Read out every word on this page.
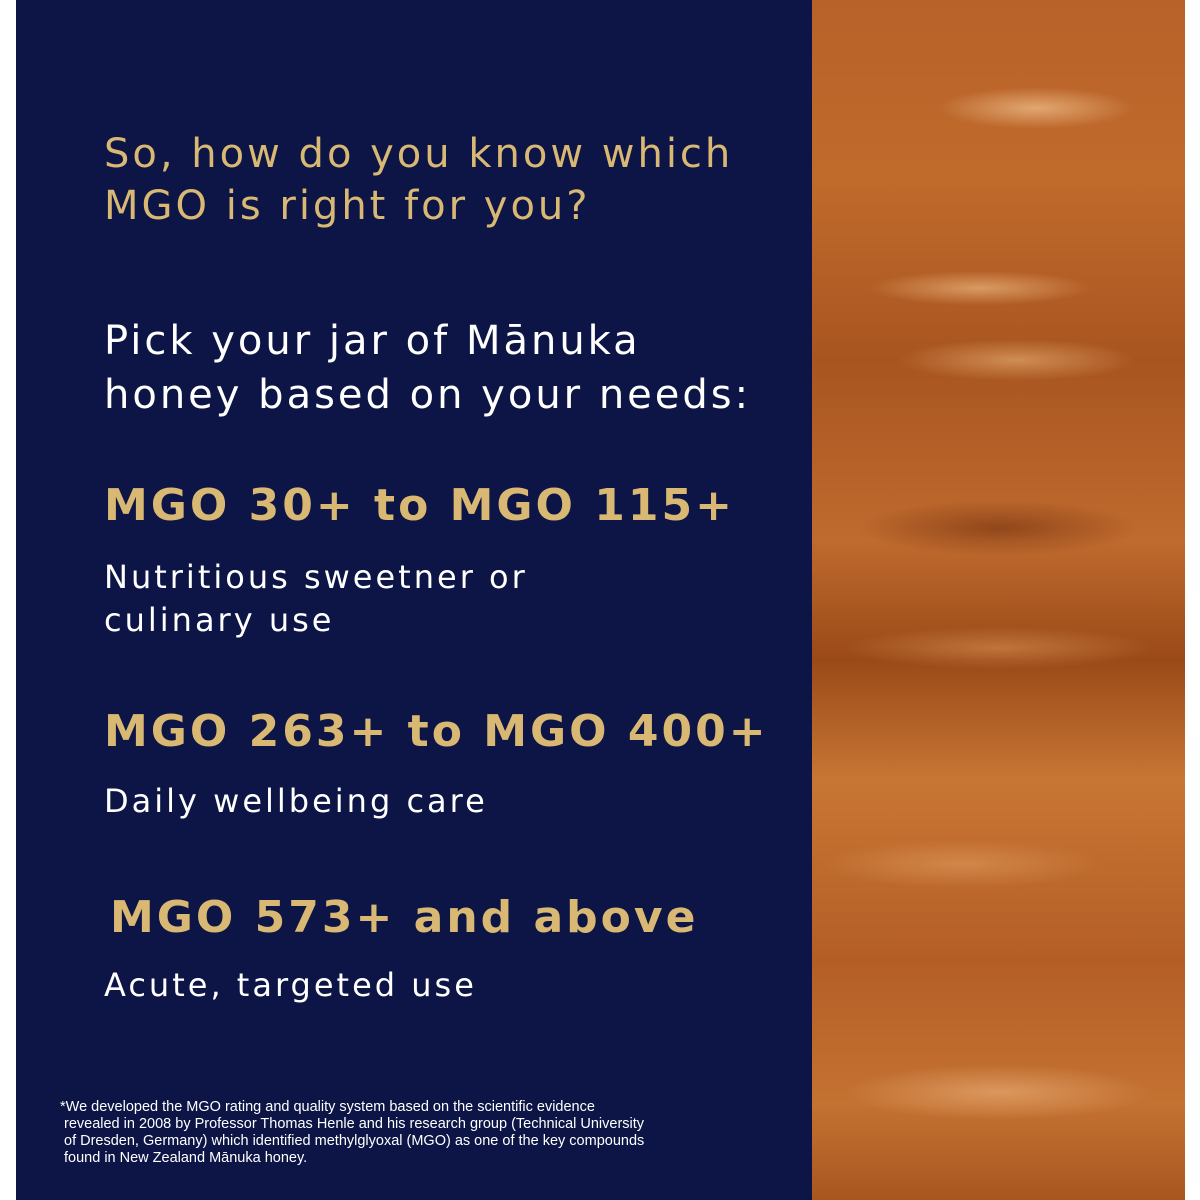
So, how do you know which
MGO is right for you?
Pick your jar of Mānuka
honey based on your needs:
MGO 30+ to MGO 115+
Nutritious sweetner or
culinary use
MGO 263+ to MGO 400+
Daily wellbeing care
MGO 573+ and above
Acute, targeted use
*We developed the MGO rating and quality system based on the scientific evidence
revealed in 2008 by Professor Thomas Henle and his research group (Technical University
of Dresden, Germany) which identified methylglyoxal (MGO) as one of the key compounds
found in New Zealand Mānuka honey.
